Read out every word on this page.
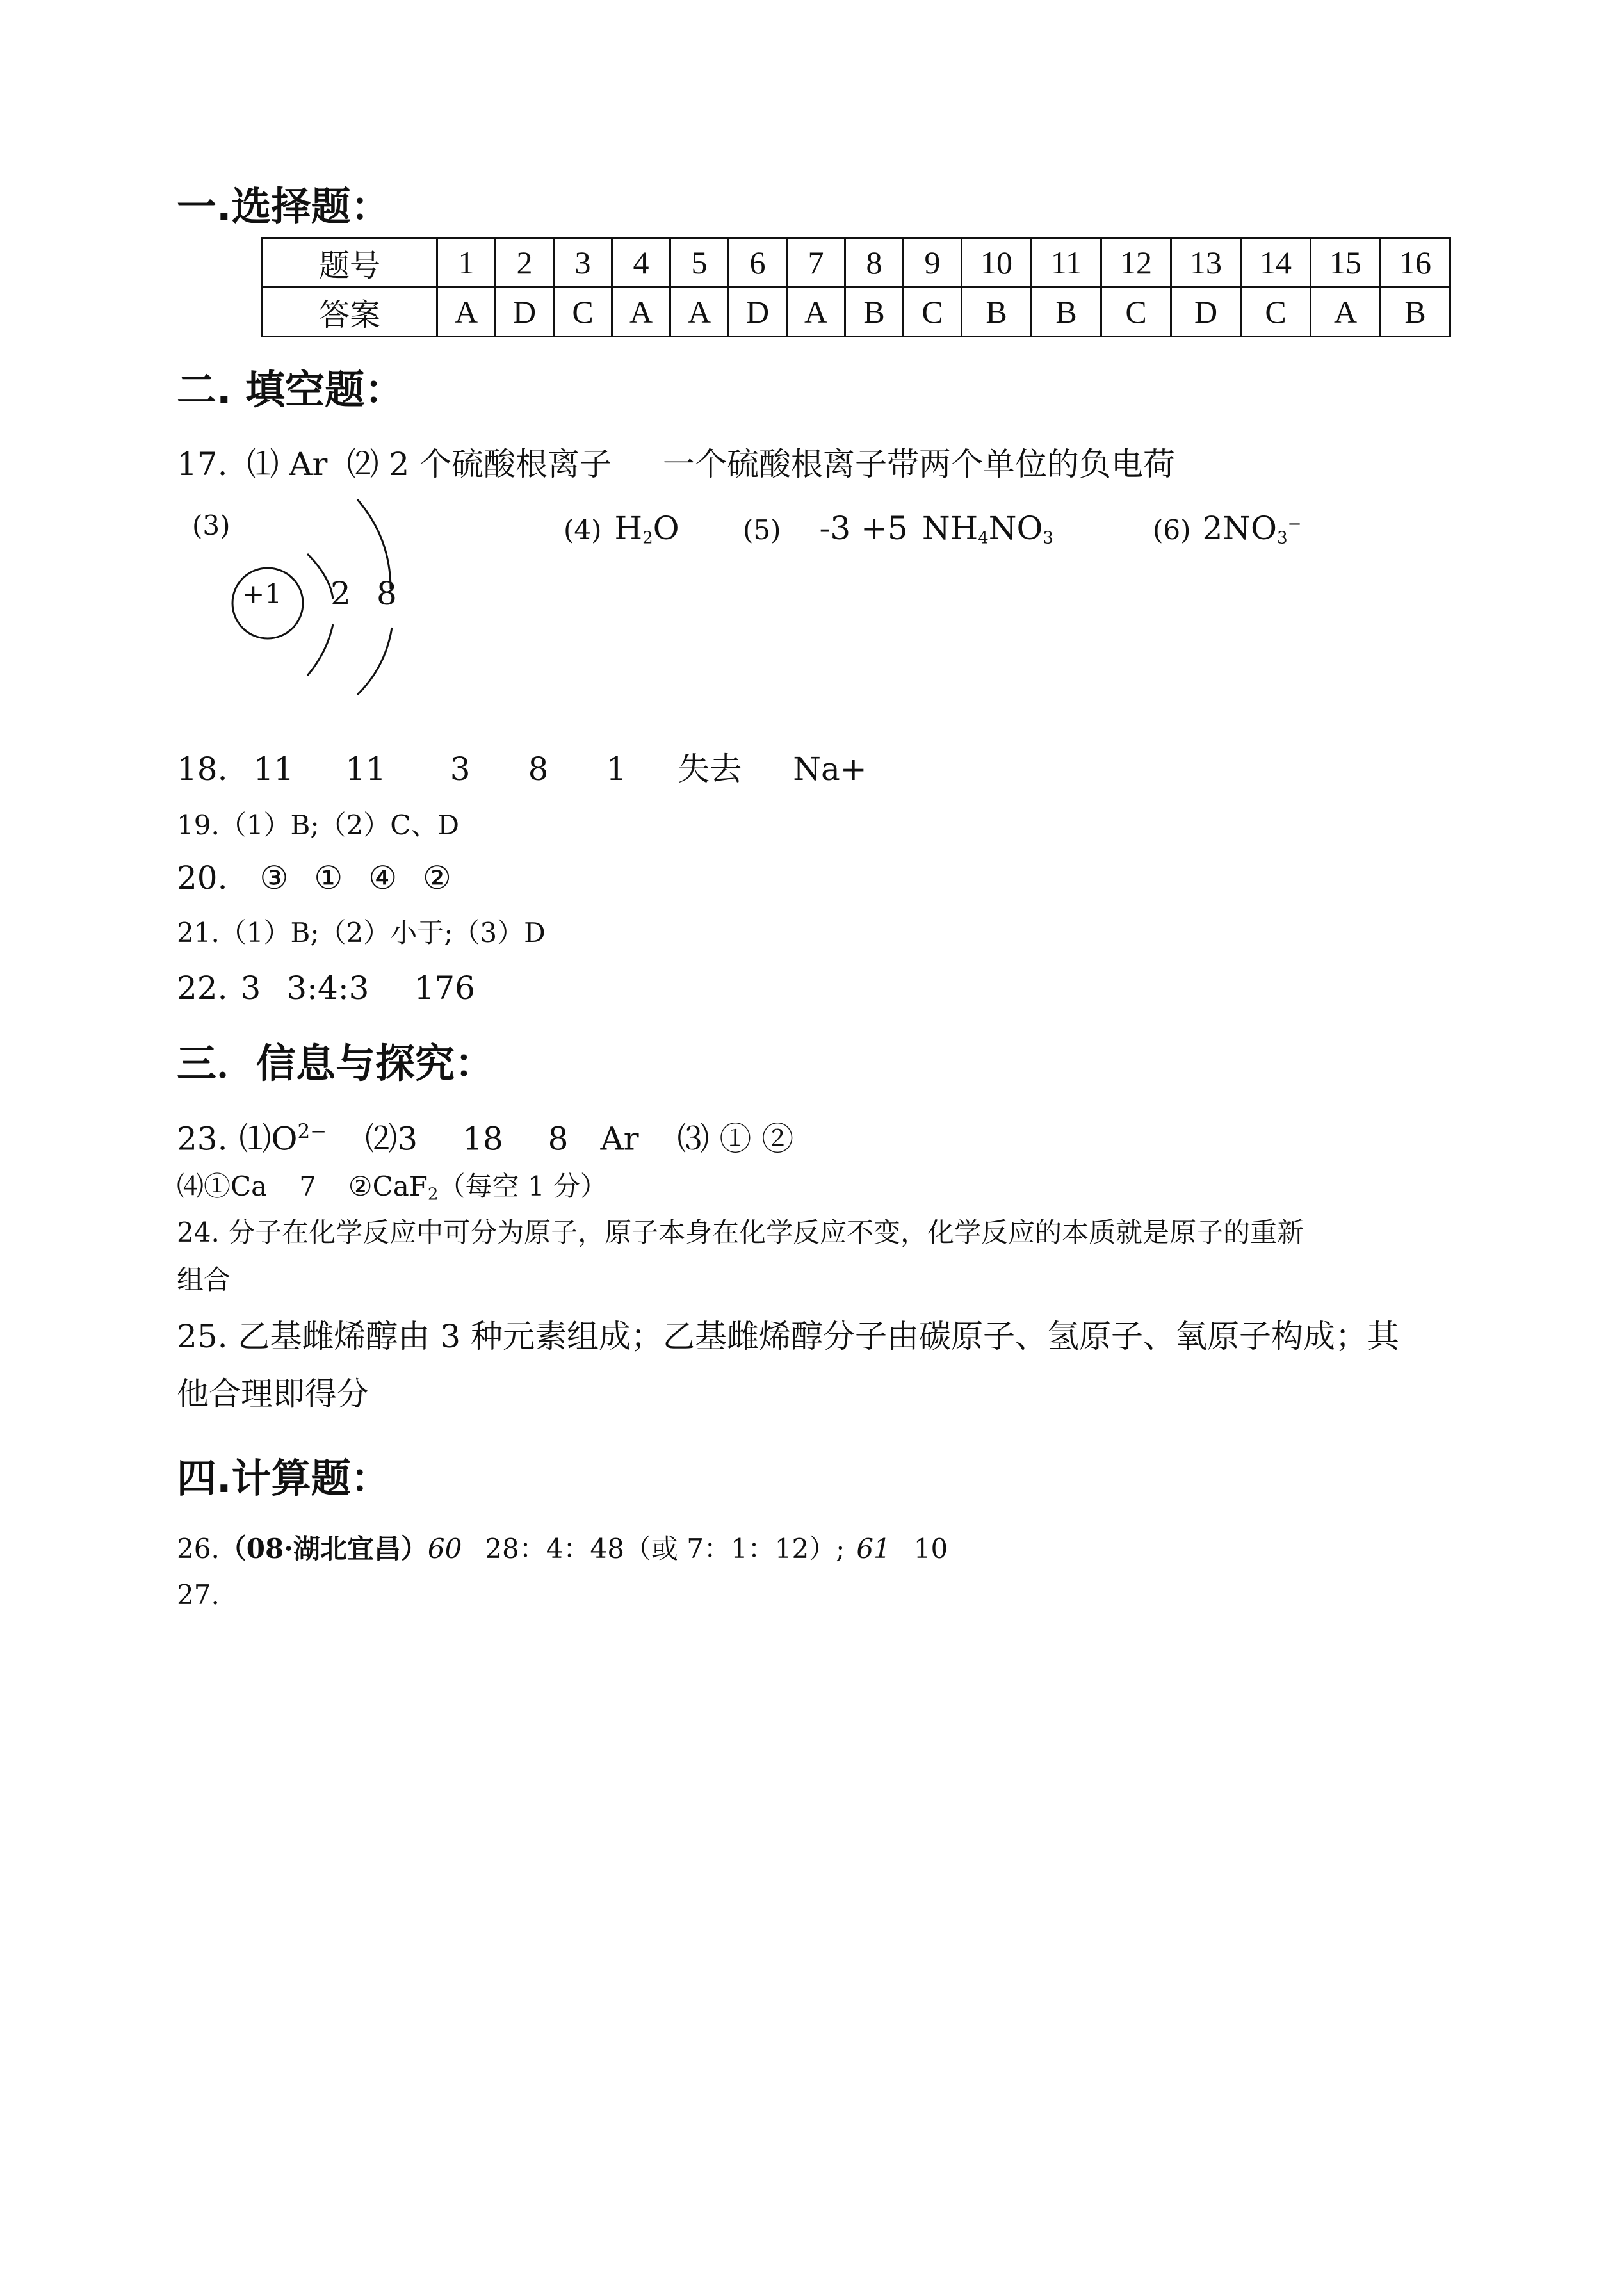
一.选择题：
题号	1	2	3	4	5	6	7	8	9	10	11	12	13	14	15	16
答案	A	D	C	A	A	D	A	B	C	B	B	C	D	C	A	B
二. 填空题：
17. ⑴ Ar ⑵ 2 个硫酸根离子 一个硫酸根离子带两个单位的负电荷
(3)	(4) $H_2O$ (5) -3 +5 $NH_4NO_3$	(6) $2NO_3^-$
+1 2 8
18. 11 11 3 8 1 失去 Na+
19.（1）B;（2）C、D
20. ③ ① ④ ②
21.（1）B;（2）小于;（3）D
22. 3 3:4:3 176
三．信息与探究：
23. $⑴O^{2-}$ ⑵3 18 8 Ar ⑶ ① ②
⑷①Ca 7 ②CaF$_2$（每空 1 分）
24. 分子在化学反应中可分为原子，原子本身在化学反应不变，化学反应的本质就是原子的重新
组合
25. 乙基雌烯醇由 3 种元素组成；乙基雌烯醇分子由碳原子、氢原子、氧原子构成；其
他合理即得分
四.计算题：
26.（08·湖北宜昌）60 28：4：48（或 7：1：12）; 61 10
27.
